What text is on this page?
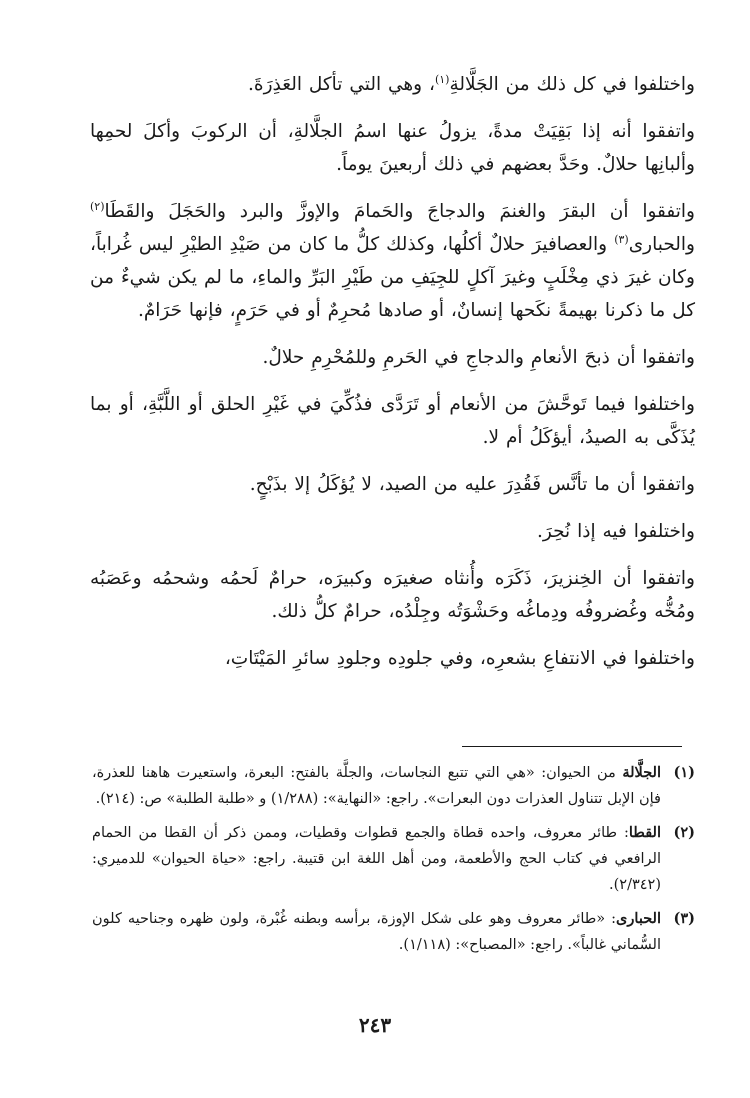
واختلفوا في كل ذلك من الجَلَّالةِ$^{(١)}$، وهي التي تأكل العَذِرَةَ.

واتفقوا أنه إذا بَقِيَتْ مدةً، يزولُ عنها اسمُ الجلَّالةِ، أن الركوبَ وأكلَ لحمِها وألبانِها حلالٌ. وحَدَّ بعضهم في ذلك أربعينَ يوماً.

واتفقوا أن البقرَ والغنمَ والدجاجَ والحَمامَ والإوزَّ والبرد والحَجَلَ والقَطَا$^{(٢)}$ والحبارى$^{(٣)}$ والعصافيرَ حلالٌ أكلُها، وكذلك كلُّ ما كان من صَيْدِ الطيْرِ ليس غُراباً، وكان غيرَ ذي مِخْلَبٍ وغيرَ آكلٍ للجِيَفِ من طَيْرِ البَرِّ والماءِ، ما لم يكن شيءٌ من كل ما ذكرنا بهيمةً نكَحها إنسانٌ، أو صادها مُحرِمٌ أو في حَرَمٍ، فإنها حَرَامٌ.

واتفقوا أن ذبحَ الأنعامِ والدجاجِ في الحَرمِ وللمُحْرِمِ حلالٌ.

واختلفوا فيما تَوحَّشَ من الأنعام أو تَرَدَّى فذُكِّيَ في غَيْرِ الحلق أو اللَّبَّةِ، أو بما يُذَكَّى به الصيدُ، أيؤكَلُ أم لا.

واتفقوا أن ما تأنَّس فَقُدِرَ عليه من الصيد، لا يُؤكَلُ إلا بذَبْحٍ.

واختلفوا فيه إذا نُحِرَ.

واتفقوا أن الخِنزيرَ، ذَكَرَه وأُنثاه صغيرَه وكبيرَه، حرامٌ لَحمُه وشحمُه وعَصَبُه ومُخُّه وغُضروفُه ودِماغُه وحَشْوَتُه وجِلْدُه، حرامٌ كلُّ ذلك.

واختلفوا في الانتفاعِ بشعرِه، وفي جلودِه وجلودِ سائرِ المَيْتَاتِ،

(١)
الجلَّالة من الحيوان: «هي التي تتبع النجاسات، والجلَّة بالفتح: البعرة، واستعيرت هاهنا للعذرة، فإن الإبل تتناول العذرات دون البعرات». راجع: «النهاية»: (١/٢٨٨) و «طلبة الطلبة» ص: (٢١٤).

(٢)
القطا: طائر معروف، واحده قطاة والجمع قطوات وقطيات، وممن ذكر أن القطا من الحمام الرافعي في كتاب الحج والأطعمة، ومن أهل اللغة ابن قتيبة. راجع: «حياة الحيوان» للدميري: (٢/٣٤٢).

(٣)
الحبارى: «طائر معروف وهو على شكل الإوزة، برأسه وبطنه غُبْرة، ولون ظهره وجناحيه كلون السُّماني غالباً». راجع: «المصباح»: (١/١١٨).

٢٤٣
